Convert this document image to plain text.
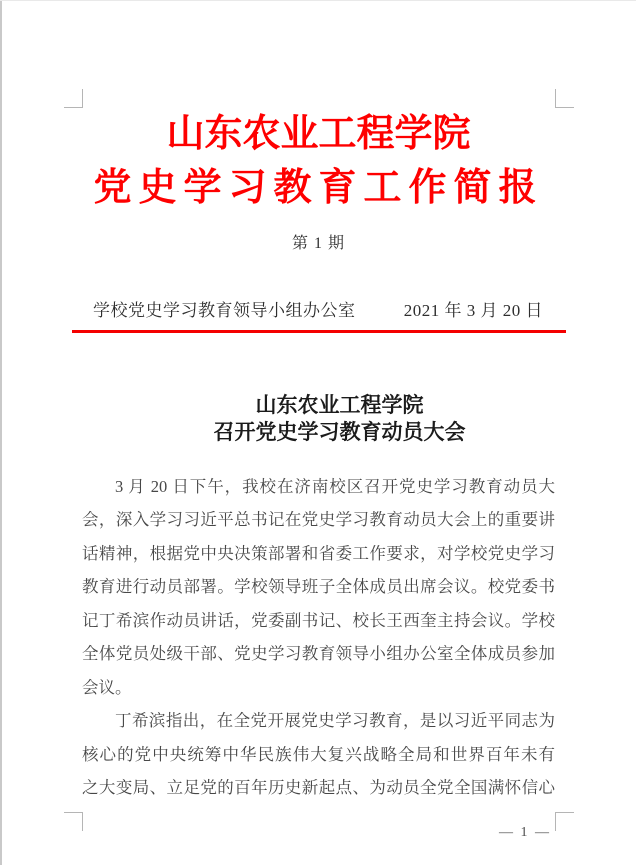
山东农业工程学院
党史学习教育工作简报
第 1 期
学校党史学习教育领导小组办公室	2021 年 3 月 20 日
山东农业工程学院
召开党史学习教育动员大会
3 月 20 日下午，我校在济南校区召开党史学习教育动员大
会，深入学习习近平总书记在党史学习教育动员大会上的重要讲
话精神，根据党中央决策部署和省委工作要求，对学校党史学习
教育进行动员部署。学校领导班子全体成员出席会议。校党委书
记丁希滨作动员讲话，党委副书记、校长王西奎主持会议。学校
全体党员处级干部、党史学习教育领导小组办公室全体成员参加
会议。
丁希滨指出，在全党开展党史学习教育，是以习近平同志为
核心的党中央统筹中华民族伟大复兴战略全局和世界百年未有
之大变局、立足党的百年历史新起点、为动员全党全国满怀信心
— 1 —
